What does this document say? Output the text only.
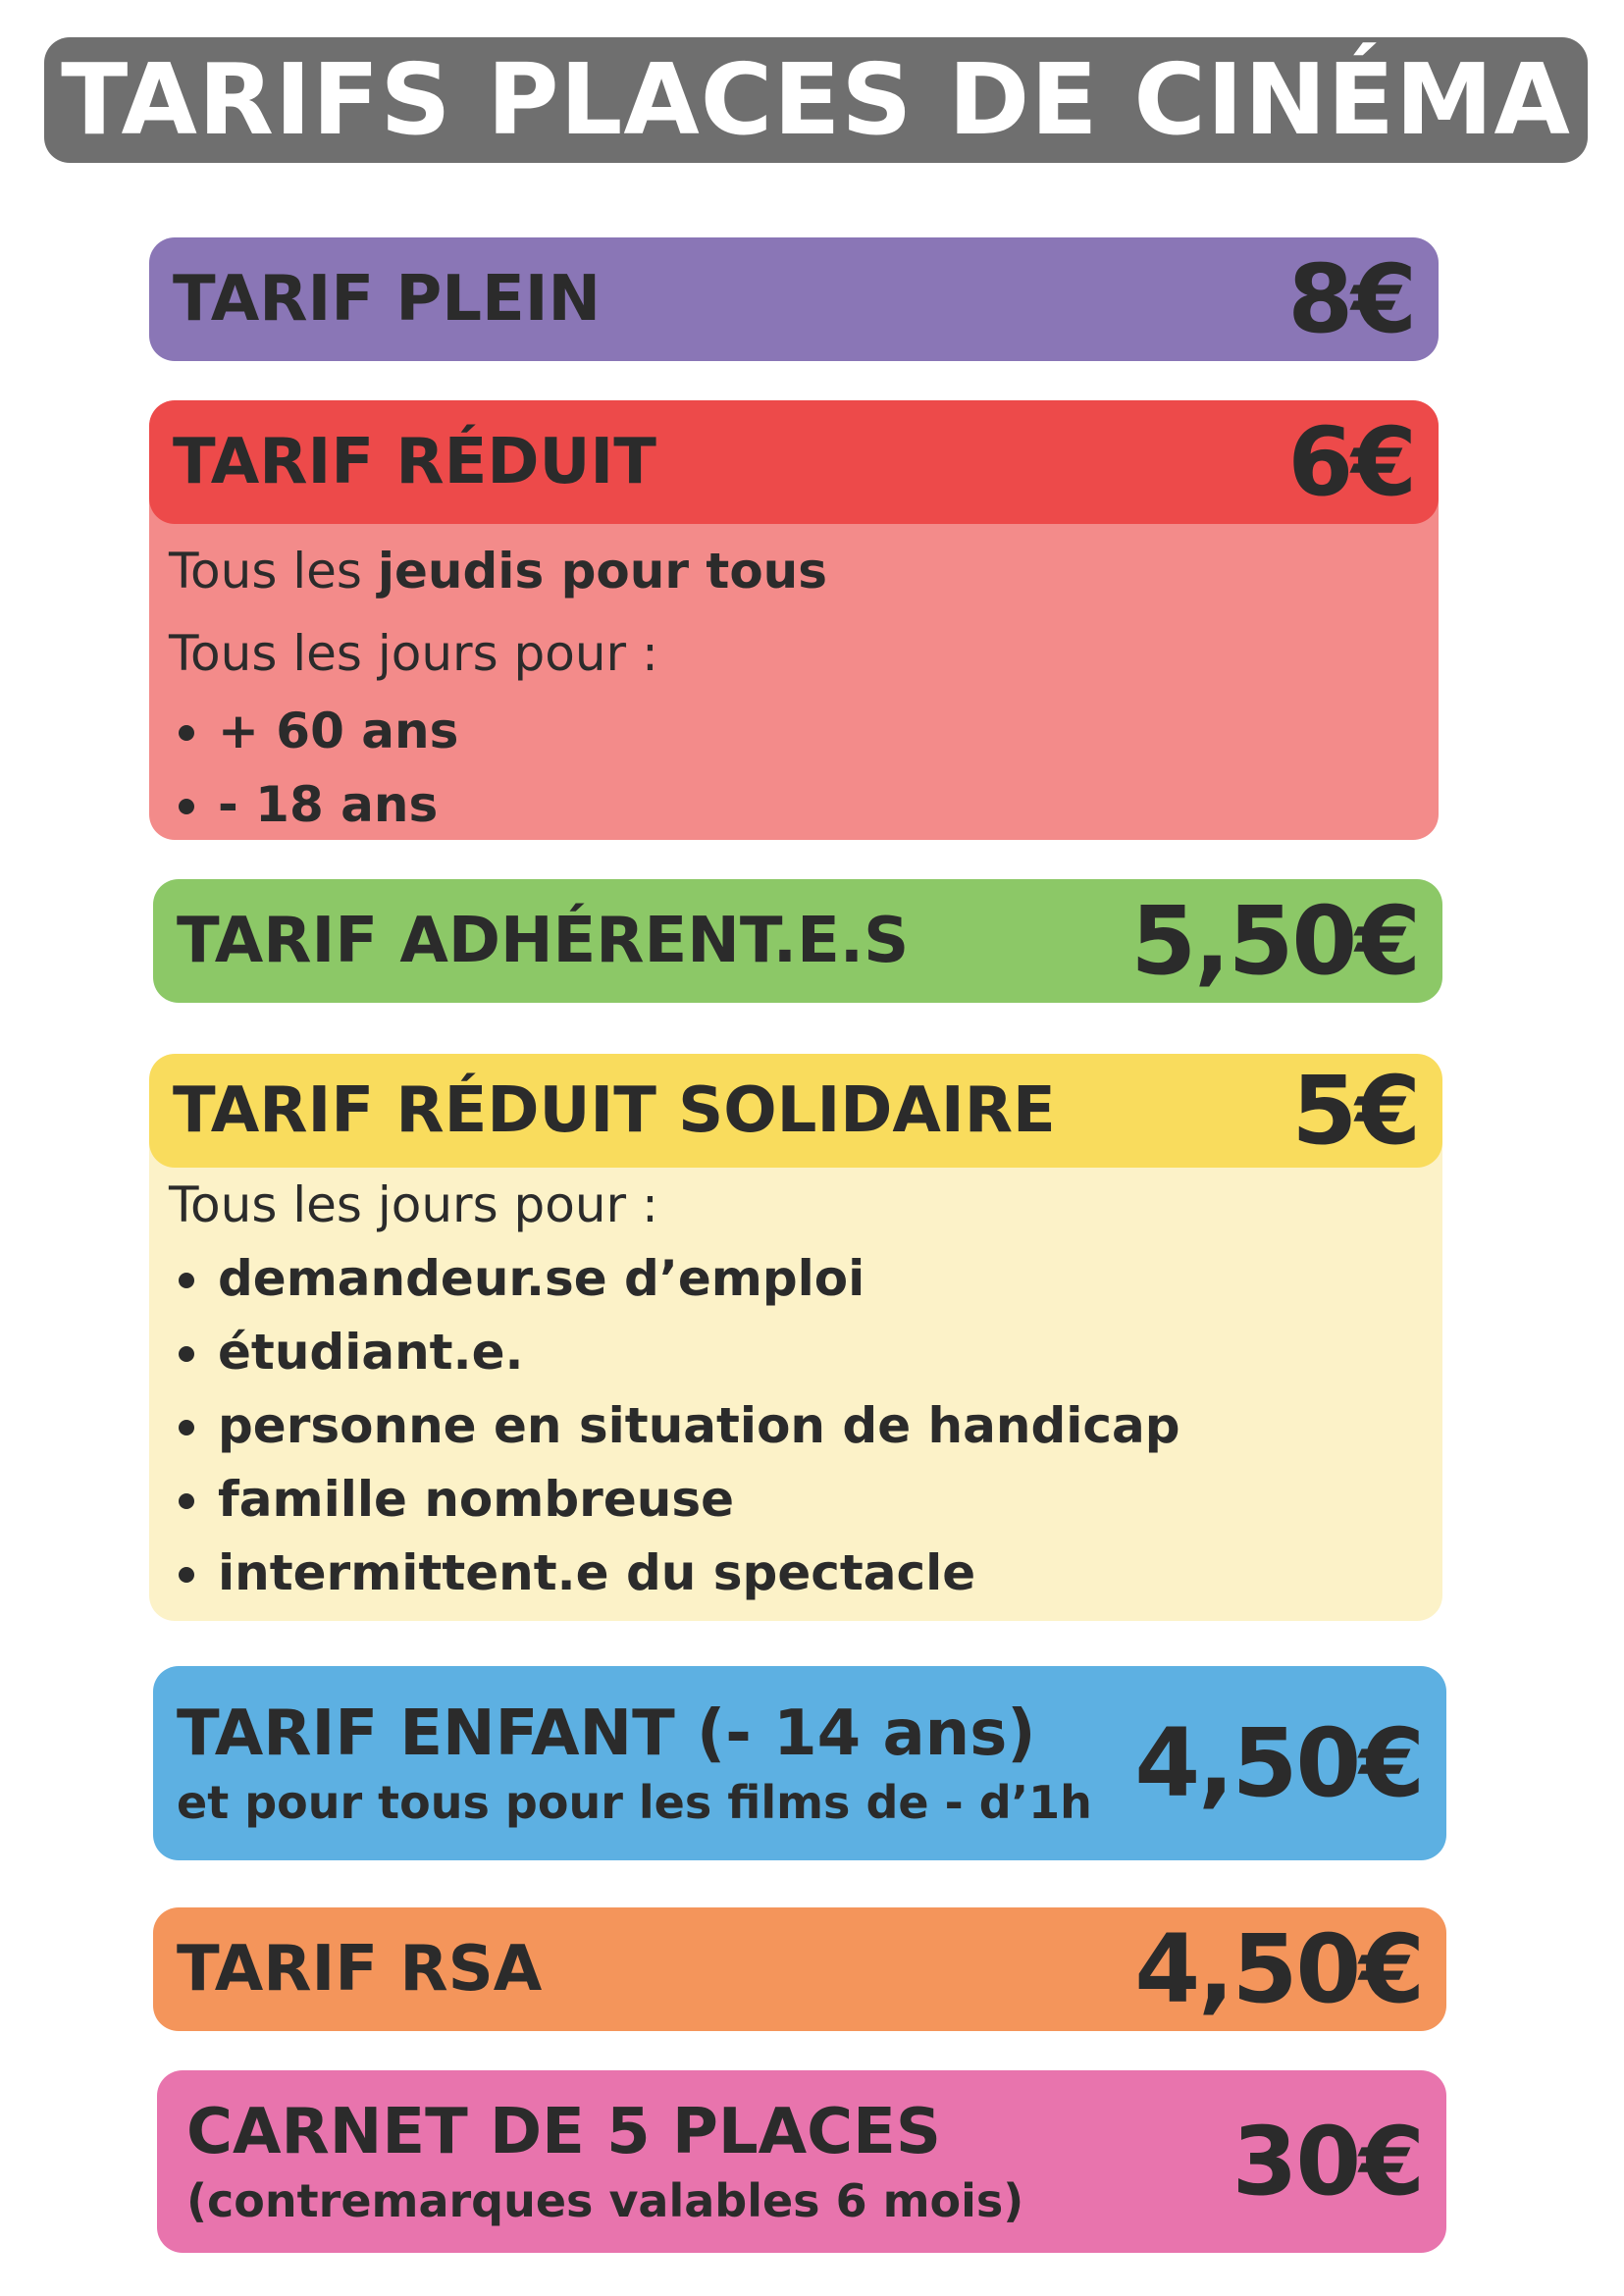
TARIFS PLACES DE CINÉMA
TARIF PLEIN	8€
TARIF RÉDUIT	6€
Tous les jeudis pour tous
Tous les jours pour :
+ 60 ans
- 18 ans
TARIF ADHÉRENT.E.S 5,50€
TARIF RÉDUIT SOLIDAIRE	5€
Tous les jours pour :
demandeur.se d’emploi
étudiant.e.
personne en situation de handicap
famille nombreuse
intermittent.e du spectacle
TARIF ENFANT (- 14 ans)
et pour tous pour les films de - d’1h 4,50€
TARIF RSA	4,50€
CARNET DE 5 PLACES
(contremarques valables 6 mois) 30€
